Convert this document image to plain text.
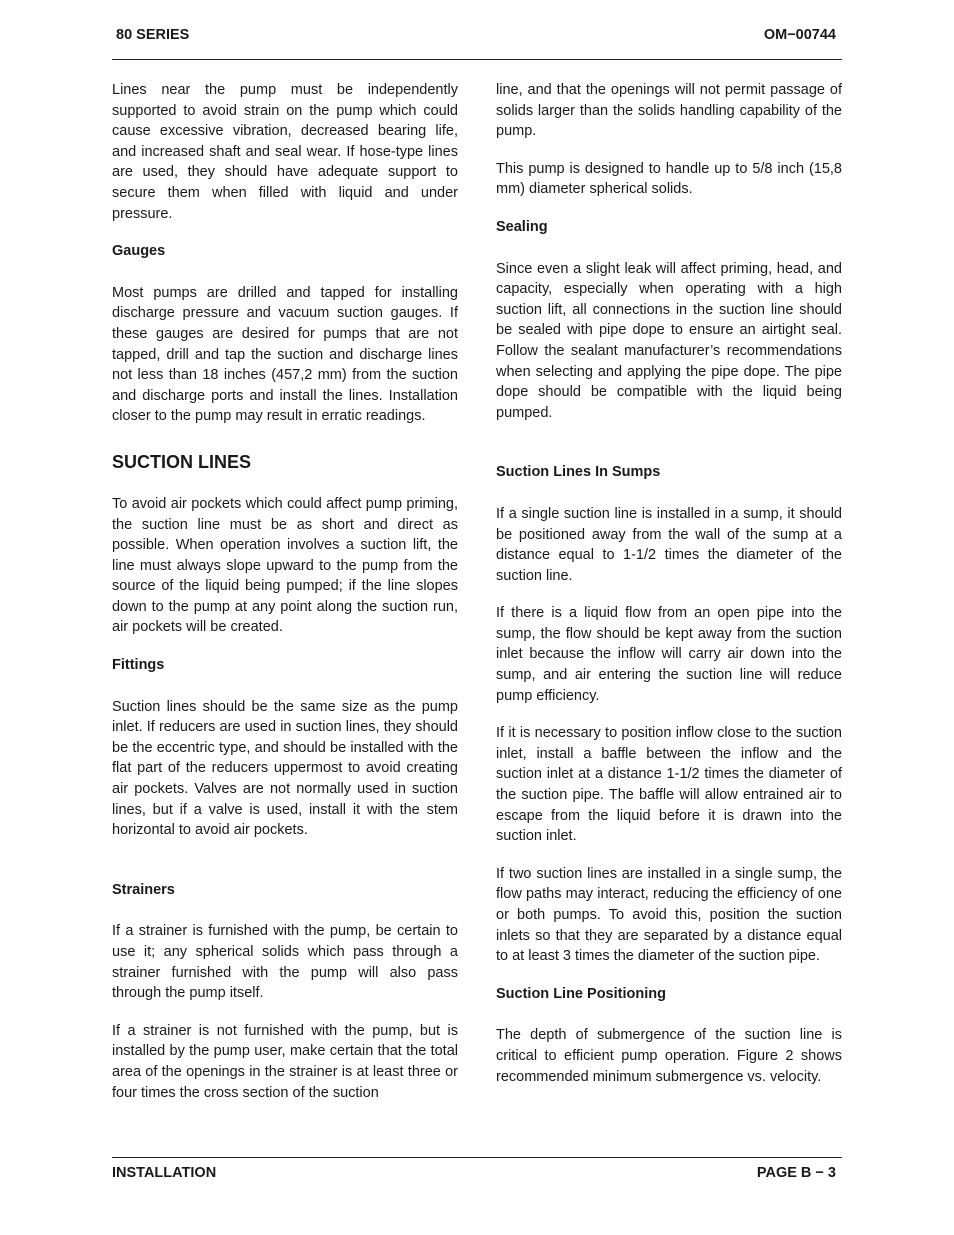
80 SERIES	OM−00744

Lines near the pump must be independently supported to avoid strain on the pump which could cause excessive vibration, decreased bearing life, and increased shaft and seal wear. If hose-type lines are used, they should have adequate support to secure them when filled with liquid and under pressure.

Gauges

Most pumps are drilled and tapped for installing discharge pressure and vacuum suction gauges. If these gauges are desired for pumps that are not tapped, drill and tap the suction and discharge lines not less than 18 inches (457,2 mm) from the suction and discharge ports and install the lines. Installation closer to the pump may result in erratic readings.

SUCTION LINES

To avoid air pockets which could affect pump priming, the suction line must be as short and direct as possible. When operation involves a suction lift, the line must always slope upward to the pump from the source of the liquid being pumped; if the line slopes down to the pump at any point along the suction run, air pockets will be created.

Fittings

Suction lines should be the same size as the pump inlet. If reducers are used in suction lines, they should be the eccentric type, and should be installed with the flat part of the reducers uppermost to avoid creating air pockets. Valves are not normally used in suction lines, but if a valve is used, install it with the stem horizontal to avoid air pockets.

Strainers

If a strainer is furnished with the pump, be certain to use it; any spherical solids which pass through a strainer furnished with the pump will also pass through the pump itself.

If a strainer is not furnished with the pump, but is installed by the pump user, make certain that the total area of the openings in the strainer is at least three or four times the cross section of the suction

line, and that the openings will not permit passage of solids larger than the solids handling capability of the pump.

This pump is designed to handle up to 5/8 inch (15,8 mm) diameter spherical solids.

Sealing

Since even a slight leak will affect priming, head, and capacity, especially when operating with a high suction lift, all connections in the suction line should be sealed with pipe dope to ensure an airtight seal. Follow the sealant manufacturer’s recommendations when selecting and applying the pipe dope. The pipe dope should be compatible with the liquid being pumped.

Suction Lines In Sumps

If a single suction line is installed in a sump, it should be positioned away from the wall of the sump at a distance equal to 1-1/2 times the diameter of the suction line.

If there is a liquid flow from an open pipe into the sump, the flow should be kept away from the suction inlet because the inflow will carry air down into the sump, and air entering the suction line will reduce pump efficiency.

If it is necessary to position inflow close to the suction inlet, install a baffle between the inflow and the suction inlet at a distance 1-1/2 times the diameter of the suction pipe. The baffle will allow entrained air to escape from the liquid before it is drawn into the suction inlet.

If two suction lines are installed in a single sump, the flow paths may interact, reducing the efficiency of one or both pumps. To avoid this, position the suction inlets so that they are separated by a distance equal to at least 3 times the diameter of the suction pipe.

Suction Line Positioning

The depth of submergence of the suction line is critical to efficient pump operation. Figure 2 shows recommended minimum submergence vs. velocity.

INSTALLATION	PAGE B − 3
